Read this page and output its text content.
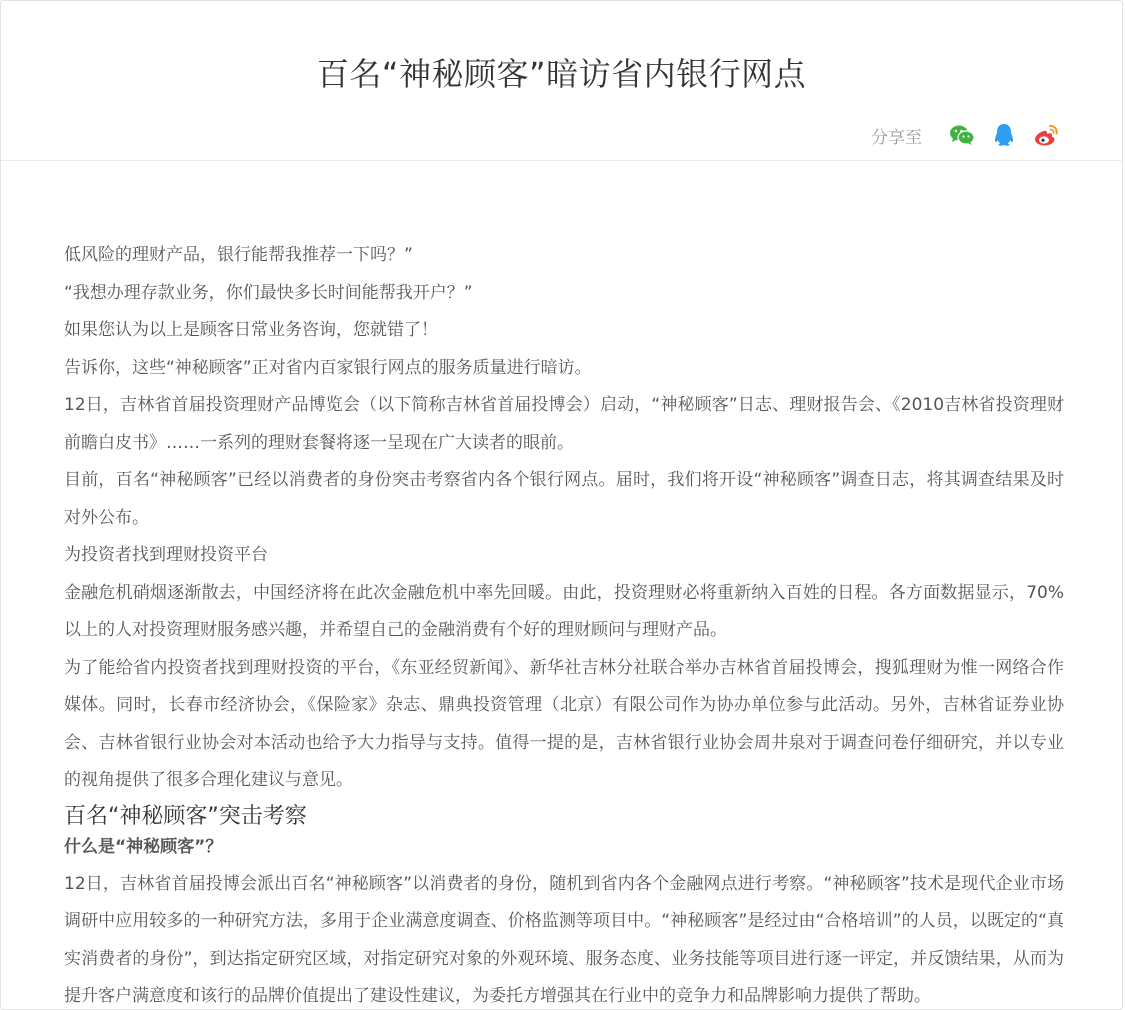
百名“神秘顾客”暗访省内银行网点
分享至

低风险的理财产品，银行能帮我推荐一下吗？”

“我想办理存款业务，你们最快多长时间能帮我开户？”

如果您认为以上是顾客日常业务咨询，您就错了！

告诉你，这些“神秘顾客”正对省内百家银行网点的服务质量进行暗访。

12日，吉林省首届投资理财产品博览会（以下简称吉林省首届投博会）启动，“神秘顾客”日志、理财报告会、《2010吉林省投资理财前瞻白皮书》……一系列的理财套餐将逐一呈现在广大读者的眼前。

目前，百名“神秘顾客”已经以消费者的身份突击考察省内各个银行网点。届时，我们将开设“神秘顾客”调查日志，将其调查结果及时对外公布。

为投资者找到理财投资平台

金融危机硝烟逐渐散去，中国经济将在此次金融危机中率先回暖。由此，投资理财必将重新纳入百姓的日程。各方面数据显示，70%以上的人对投资理财服务感兴趣，并希望自己的金融消费有个好的理财顾问与理财产品。

为了能给省内投资者找到理财投资的平台，《东亚经贸新闻》、新华社吉林分社联合举办吉林省首届投博会，搜狐理财为惟一网络合作媒体。同时，长春市经济协会，《保险家》杂志、鼎典投资管理（北京）有限公司作为协办单位参与此活动。另外，吉林省证券业协会、吉林省银行业协会对本活动也给予大力指导与支持。值得一提的是，吉林省银行业协会周井泉对于调查问卷仔细研究，并以专业的视角提供了很多合理化建议与意见。

百名“神秘顾客”突击考察
什么是“神秘顾客”？

12日，吉林省首届投博会派出百名“神秘顾客”以消费者的身份，随机到省内各个金融网点进行考察。“神秘顾客”技术是现代企业市场调研中应用较多的一种研究方法，多用于企业满意度调查、价格监测等项目中。“神秘顾客”是经过由“合格培训”的人员，以既定的“真实消费者的身份”，到达指定研究区域，对指定研究对象的外观环境、服务态度、业务技能等项目进行逐一评定，并反馈结果，从而为提升客户满意度和该行的品牌价值提出了建设性建议，为委托方增强其在行业中的竞争力和品牌影响力提供了帮助。
